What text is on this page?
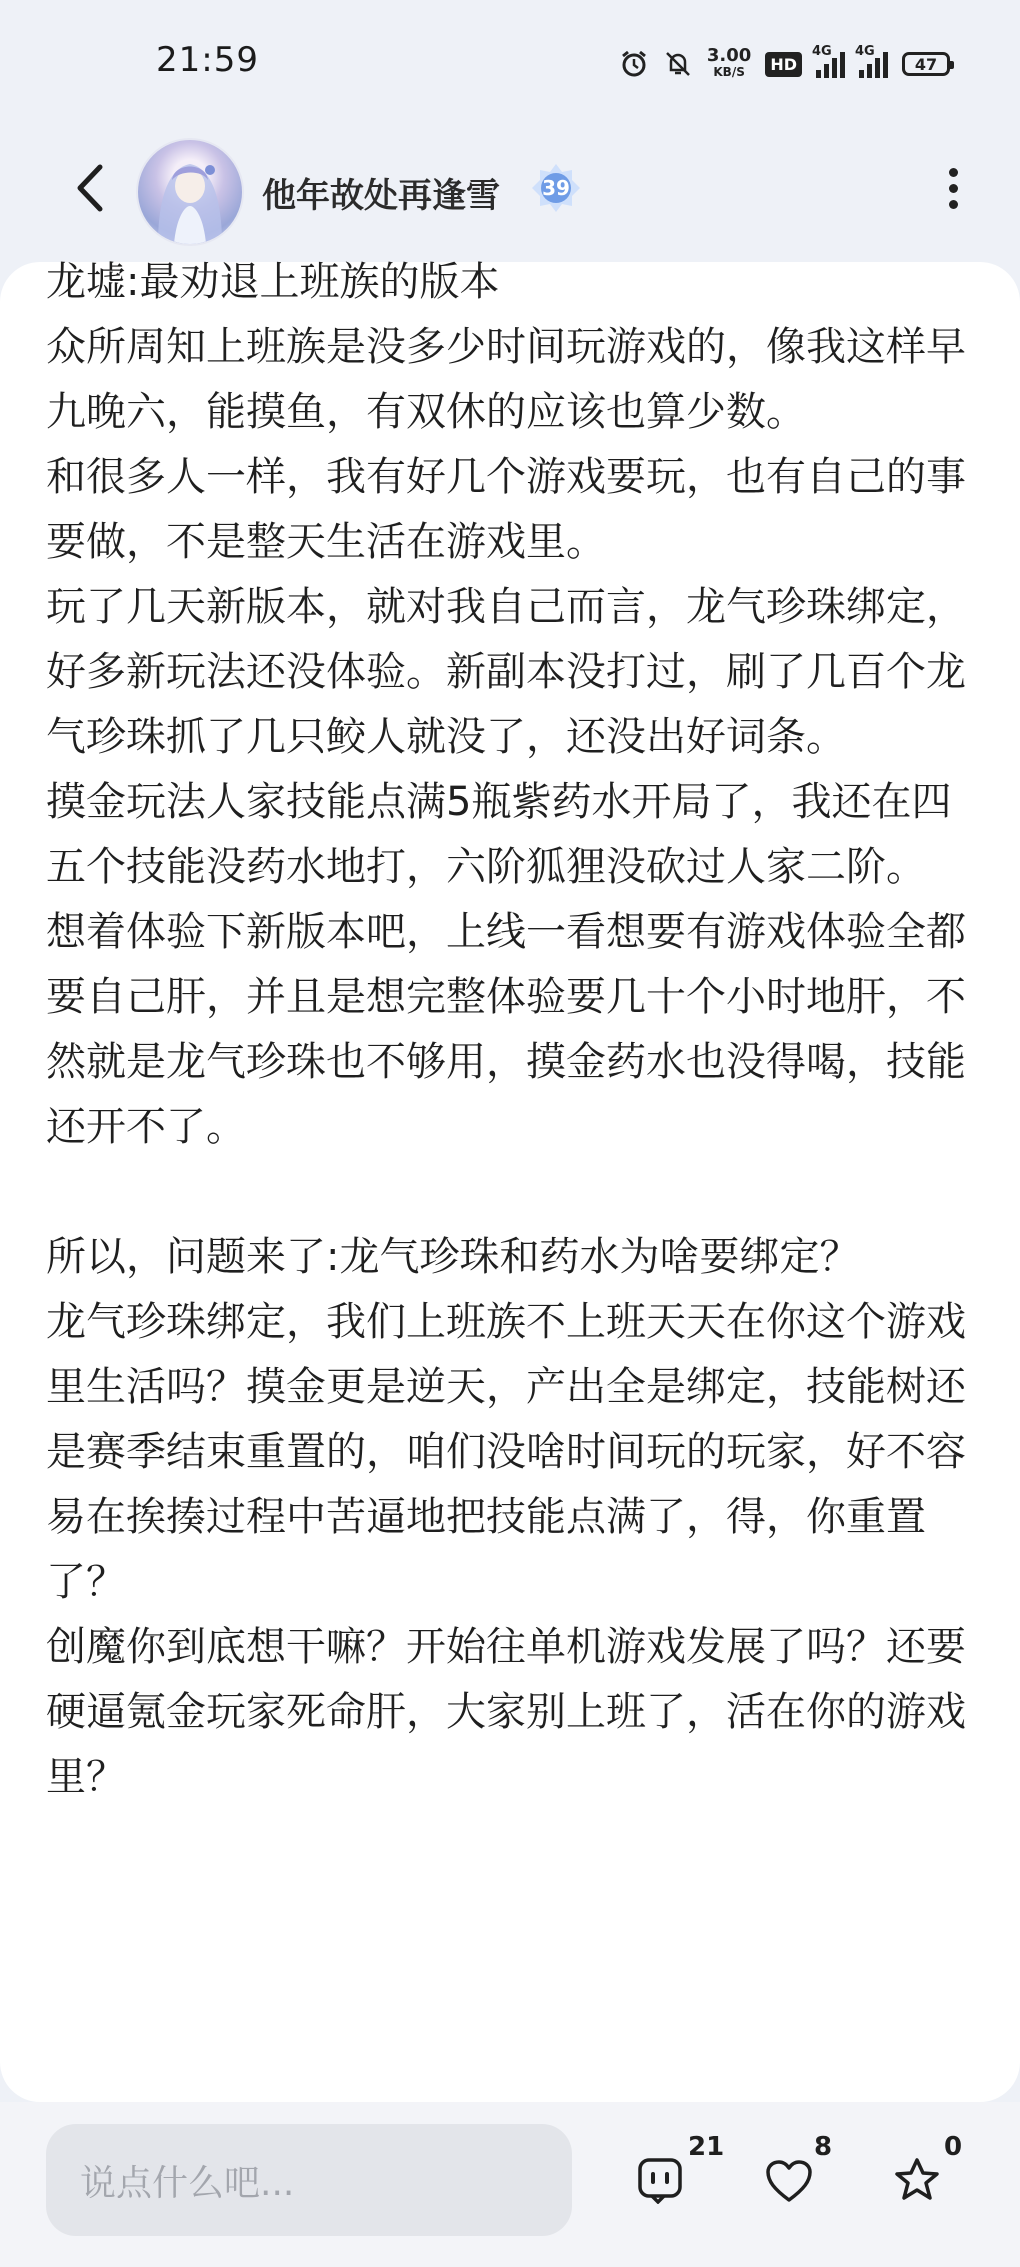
21:59	3.00
KB/S	HD
4G 4G
47
他年故处再逢雪	39

龙墟:最劝退上班族的版本

众所周知上班族是没多少时间玩游戏的，像我这样早九晚六，能摸鱼，有双休的应该也算少数。

和很多人一样，我有好几个游戏要玩，也有自己的事要做，不是整天生活在游戏里。

玩了几天新版本，就对我自己而言，龙气珍珠绑定，好多新玩法还没体验。新副本没打过，刷了几百个龙气珍珠抓了几只鲛人就没了，还没出好词条。

摸金玩法人家技能点满5瓶紫药水开局了，我还在四五个技能没药水地打，六阶狐狸没砍过人家二阶。

想着体验下新版本吧，上线一看想要有游戏体验全都要自己肝，并且是想完整体验要几十个小时地肝，不然就是龙气珍珠也不够用，摸金药水也没得喝，技能还开不了。

所以，问题来了:龙气珍珠和药水为啥要绑定？

龙气珍珠绑定，我们上班族不上班天天在你这个游戏里生活吗？摸金更是逆天，产出全是绑定，技能树还是赛季结束重置的，咱们没啥时间玩的玩家，好不容易在挨揍过程中苦逼地把技能点满了，得，你重置了？

创魔你到底想干嘛？开始往单机游戏发展了吗？还要硬逼氪金玩家死命肝，大家别上班了，活在你的游戏里？

说点什么吧...
21	8	0
